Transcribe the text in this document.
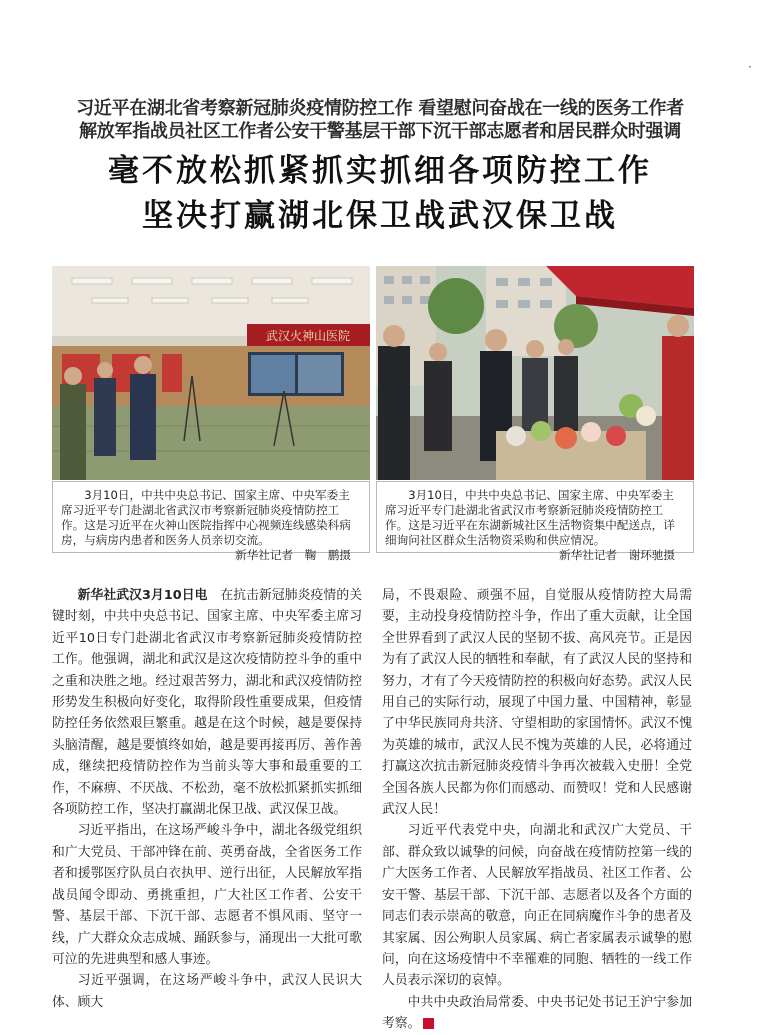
·
习近平在湖北省考察新冠肺炎疫情防控工作 看望慰问奋战在一线的医务工作者
解放军指战员社区工作者公安干警基层干部下沉干部志愿者和居民群众时强调
毫不放松抓紧抓实抓细各项防控工作
坚决打赢湖北保卫战武汉保卫战
武汉火神山医院

3月10日，中共中央总书记、国家主席、中央军委主席习近平专门赴湖北省武汉市考察新冠肺炎疫情防控工作。这是习近平在火神山医院指挥中心视频连线感染科病房，与病房内患者和医务人员亲切交流。
新华社记者　鞠　鹏摄

3月10日，中共中央总书记、国家主席、中央军委主席习近平专门赴湖北省武汉市考察新冠肺炎疫情防控工作。这是习近平在东湖新城社区生活物资集中配送点，详细询问社区群众生活物资采购和供应情况。
新华社记者　谢环驰摄

新华社武汉3月10日电　在抗击新冠肺炎疫情的关键时刻，中共中央总书记、国家主席、中央军委主席习近平10日专门赴湖北省武汉市考察新冠肺炎疫情防控工作。他强调，湖北和武汉是这次疫情防控斗争的重中之重和决胜之地。经过艰苦努力，湖北和武汉疫情防控形势发生积极向好变化，取得阶段性重要成果，但疫情防控任务依然艰巨繁重。越是在这个时候，越是要保持头脑清醒，越是要慎终如始，越是要再接再厉、善作善成，继续把疫情防控作为当前头等大事和最重要的工作，不麻痹、不厌战、不松劲，毫不放松抓紧抓实抓细各项防控工作，坚决打赢湖北保卫战、武汉保卫战。

习近平指出，在这场严峻斗争中，湖北各级党组织和广大党员、干部冲锋在前、英勇奋战，全省医务工作者和援鄂医疗队员白衣执甲、逆行出征，人民解放军指战员闻令即动、勇挑重担，广大社区工作者、公安干警、基层干部、下沉干部、志愿者不惧风雨、坚守一线，广大群众众志成城、踊跃参与，涌现出一大批可歌可泣的先进典型和感人事迹。

习近平强调，在这场严峻斗争中，武汉人民识大体、顾大

局，不畏艰险、顽强不屈，自觉服从疫情防控大局需要，主动投身疫情防控斗争，作出了重大贡献，让全国全世界看到了武汉人民的坚韧不拔、高风亮节。正是因为有了武汉人民的牺牲和奉献，有了武汉人民的坚持和努力，才有了今天疫情防控的积极向好态势。武汉人民用自己的实际行动，展现了中国力量、中国精神，彰显了中华民族同舟共济、守望相助的家国情怀。武汉不愧为英雄的城市，武汉人民不愧为英雄的人民，必将通过打赢这次抗击新冠肺炎疫情斗争再次被载入史册！全党全国各族人民都为你们而感动、而赞叹！党和人民感谢武汉人民！

习近平代表党中央，向湖北和武汉广大党员、干部、群众致以诚挚的问候，向奋战在疫情防控第一线的广大医务工作者、人民解放军指战员、社区工作者、公安干警、基层干部、下沉干部、志愿者以及各个方面的同志们表示崇高的敬意，向正在同病魔作斗争的患者及其家属、因公殉职人员家属、病亡者家属表示诚挚的慰问，向在这场疫情中不幸罹难的同胞、牺牲的一线工作人员表示深切的哀悼。

中共中央政治局常委、中央书记处书记王沪宁参加考察。	G
